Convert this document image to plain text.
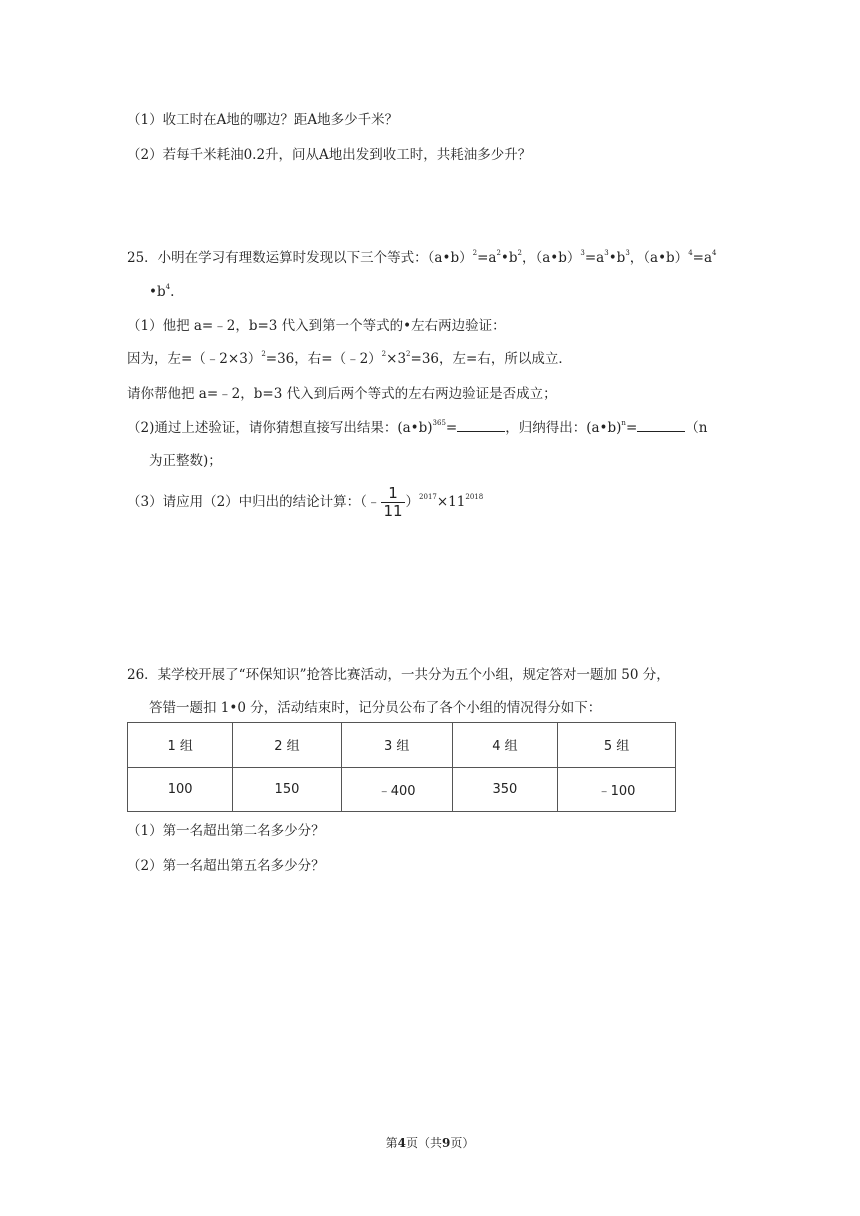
（1）收工时在A地的哪边？距A地多少千米？
（2）若每千米耗油0.2升，问从A地出发到收工时，共耗油多少升？
25．小明在学习有理数运算时发现以下三个等式：$(a•b)^2=a^2•b^2$，$(a•b)^3=a^3•b^3$，$(a•b)^4=a^4$
$•b^4$.
（1）他把 a=﹣2，b=3 代入到第一个等式的•左右两边验证：
因为，左=（﹣2×3）$^2$=36，右$=(﹣2)^2\times 3^2=36$，左=右，所以成立．
请你帮他把 a=﹣2，b=3 代入到后两个等式的左右两边验证是否成立；
（2)通过上述验证，请你猜想直接写出结果：(a•b)$^{365}$=	，归纳得出：(a•b)$^n$=	（n
为正整数)；
（3）请应用（2）中归出的结论计算：（﹣ $\frac{1}{11} )^{2017}\times 11^{2018}$
26．某学校开展了“环保知识”抢答比赛活动，一共分为五个小组，规定答对一题加 50 分，
答错一题扣 1•0 分，活动结束时，记分员公布了各个小组的情况得分如下：
1 组	2 组	3 组	4 组	5 组
100	150	﹣400	350	﹣100
（1）第一名超出第二名多少分？
（2）第一名超出第五名多少分？
第4页（共9页）
